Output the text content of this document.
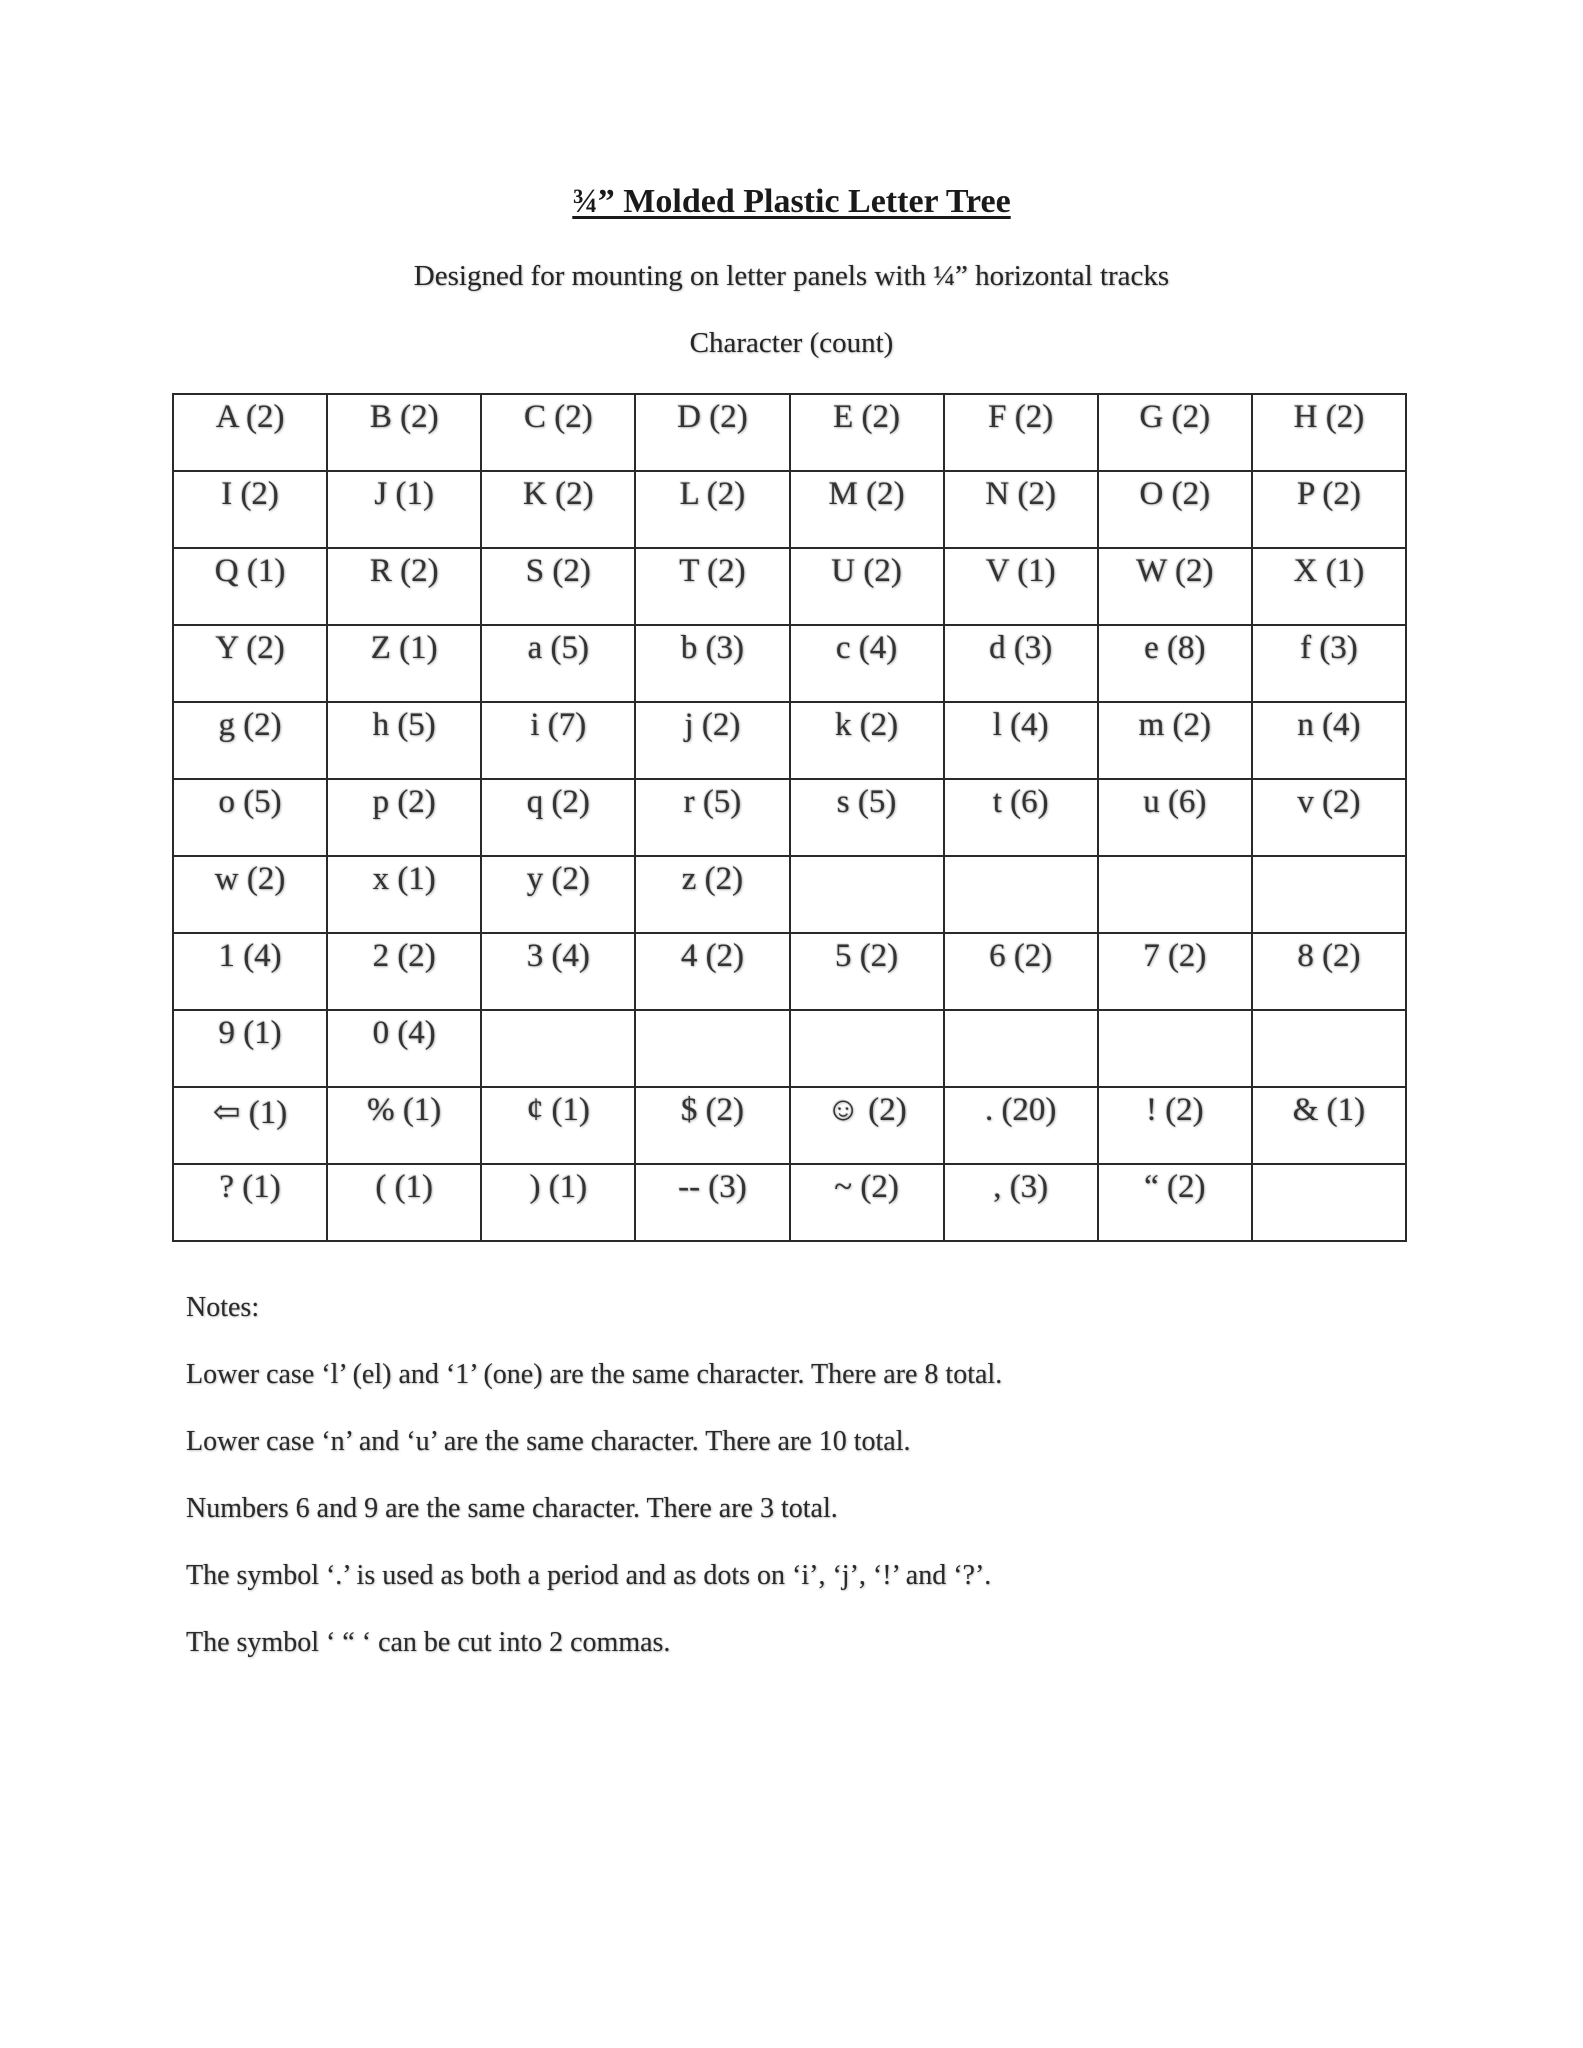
¾” Molded Plastic Letter Tree
Designed for mounting on letter panels with ¼” horizontal tracks
Character (count)
A (2)	B (2)	C (2)	D (2)	E (2)	F (2)	G (2)	H (2)
I (2)	J (1)	K (2)	L (2)	M (2)	N (2)	O (2)	P (2)
Q (1)	R (2)	S (2)	T (2)	U (2)	V (1)	W (2)	X (1)
Y (2)	Z (1)	a (5)	b (3)	c (4)	d (3)	e (8)	f (3)
g (2)	h (5)	i (7)	j (2)	k (2)	l (4)	m (2)	n (4)
o (5)	p (2)	q (2)	r (5)	s (5)	t (6)	u (6)	v (2)
w (2)	x (1)	y (2)	z (2)				
1 (4)	2 (2)	3 (4)	4 (2)	5 (2)	6 (2)	7 (2)	8 (2)
9 (1)	0 (4)						
⇦ (1)	% (1)	¢ (1)	$ (2)	☺ (2)	. (20)	! (2)	& (1)
? (1)	( (1)	) (1)	-- (3)	~ (2)	, (3)	“ (2)	

Notes:

Lower case ‘l’ (el) and ‘1’ (one) are the same character. There are 8 total.

Lower case ‘n’ and ‘u’ are the same character. There are 10 total.

Numbers 6 and 9 are the same character. There are 3 total.

The symbol ‘.’ is used as both a period and as dots on ‘i’, ‘j’, ‘!’ and ‘?’.

The symbol ‘ “ ‘ can be cut into 2 commas.
